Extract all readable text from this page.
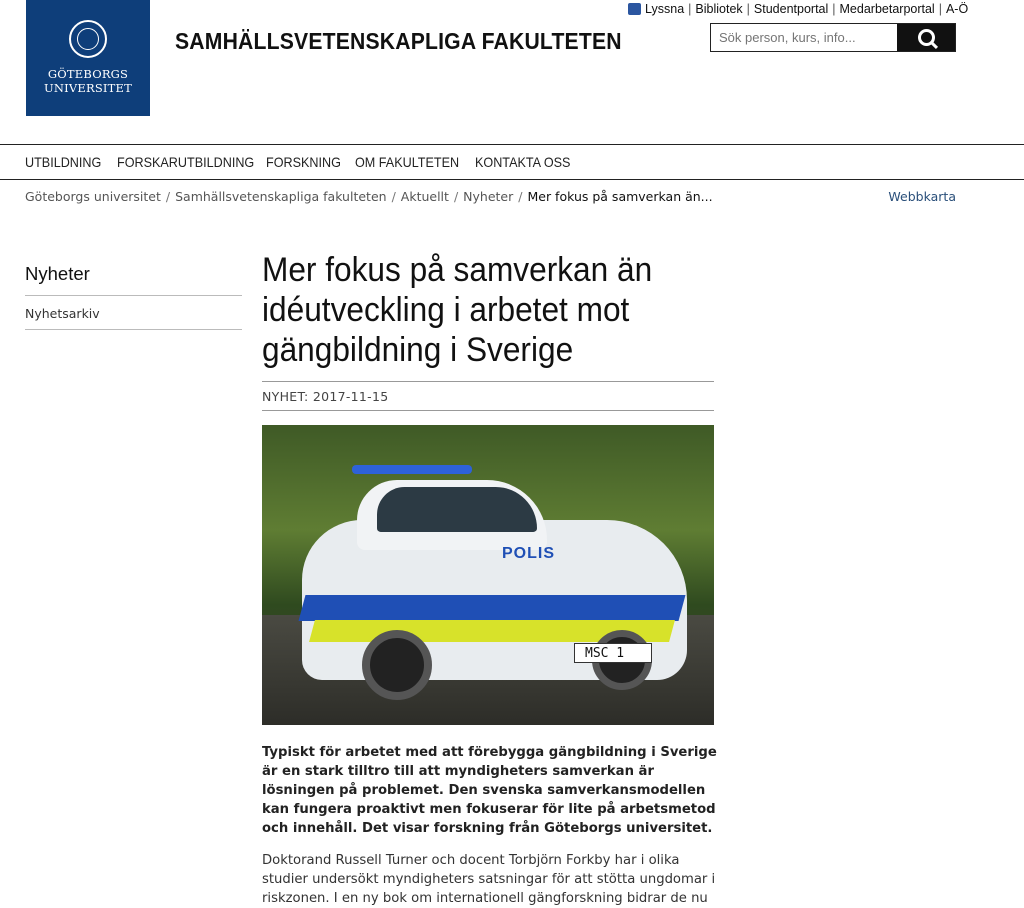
GÖTEBORGS
UNIVERSITET
SAMHÄLLSVETENSKAPLIGA FAKULTETEN
Lyssna | Bibliotek | Studentportal | Medarbetarportal | A-Ö
Sök person, kurs, info...
UTBILDNING FORSKARUTBILDNING FORSKNING OM FAKULTETEN KONTAKTA OSS
Göteborgs universitet / Samhällsvetenskapliga fakulteten / Aktuellt / Nyheter / Mer fokus på samverkan än...	Webbkarta
Nyheter
Nyhetsarkiv
Mer fokus på samverkan än idéutveckling i arbetet mot gängbildning i Sverige
NYHET: 2017-11-15
POLIS
MSC 1

Typiskt för arbetet med att förebygga gängbildning i Sverige är en stark tilltro till att myndigheters samverkan är lösningen på problemet. Den svenska samverkansmodellen kan fungera proaktivt men fokuserar för lite på arbetsmetod och innehåll. Det visar forskning från Göteborgs universitet.

Doktorand Russell Turner och docent Torbjörn Forkby har i olika studier undersökt myndigheters satsningar för att stötta ungdomar i riskzonen. I en ny bok om internationell gängforskning bidrar de nu
